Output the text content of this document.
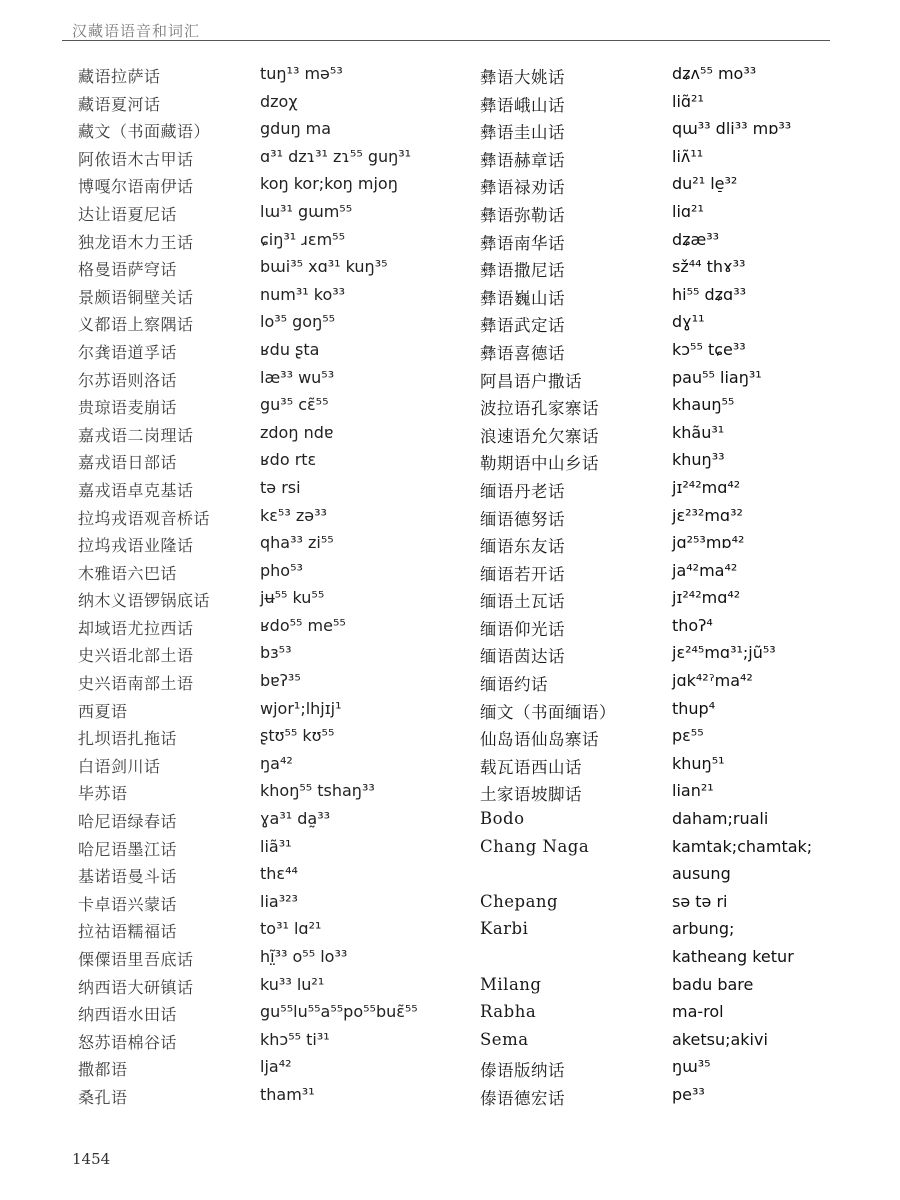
汉藏语语音和词汇
藏语拉萨话	tuŋ¹³ mə⁵³
藏语夏河话	dzoχ
藏文（书面藏语）	gduŋ ma
阿侬语木古甲话	ɑ³¹ dzɿ³¹ zɿ⁵⁵ guŋ³¹
博嘎尔语南伊话	koŋ kor;koŋ mjoŋ
达让语夏尼话	lɯ³¹ gɯm⁵⁵
独龙语木力王话	ɕiŋ³¹ ɹɛm⁵⁵
格曼语萨穹话	bɯi³⁵ xɑ³¹ kuŋ³⁵
景颇语铜壁关话	num³¹ ko³³
义都语上察隅话	lo³⁵ goŋ⁵⁵
尔龚语道孚话	ʁdu ʂta
尔苏语则洛话	læ³³ wu⁵³
贵琼语麦崩话	gu³⁵ cɛ̃⁵⁵
嘉戎语二岗理话	zdoŋ ndɐ
嘉戎语日部话	ʁdo rtɛ
嘉戎语卓克基话	tə rsi
拉坞戎语观音桥话	kɛ⁵³ zə³³
拉坞戎语业隆话	qha³³ zi⁵⁵
木雅语六巴话	pho⁵³
纳木义语锣锅底话	jʉ⁵⁵ ku⁵⁵
却域语尤拉西话	ʁdo⁵⁵ me⁵⁵
史兴语北部土语	bɜ⁵³
史兴语南部土语	bɐʔ³⁵
西夏语	wjor¹;lhjɪj¹
扎坝语扎拖话	ʂtʊ⁵⁵ kʊ⁵⁵
白语剑川话	ŋa⁴²
毕苏语	khoŋ⁵⁵ tshaŋ³³
哈尼语绿春话	ɣa³¹ da̰³³
哈尼语墨江话	liã³¹
基诺语曼斗话	thɛ⁴⁴
卡卓语兴蒙话	lia³²³
拉祜语糯福话	to³¹ lɑ²¹
傈僳语里吾底话	hĩ̤³³ o⁵⁵ lo³³
纳西语大研镇话	ku³³ lu²¹
纳西语水田话	gu⁵⁵lu⁵⁵a⁵⁵po⁵⁵buɛ̃⁵⁵
怒苏语棉谷话	khɔ⁵⁵ ti³¹
撒都语	lja⁴²
桑孔语	tham³¹
彝语大姚话	dʑʌ⁵⁵ mo³³
彝语峨山话	liɑ̃²¹
彝语圭山话	qɯ³³ dli³³ mɒ³³
彝语赫章话	liʌ̃¹¹
彝语禄劝话	du²¹ le̠³²
彝语弥勒话	liɑ²¹
彝语南华话	dʑæ³³
彝语撒尼话	sž⁴⁴ thɤ³³
彝语巍山话	hi⁵⁵ dʑɑ³³
彝语武定话	dɣ¹¹
彝语喜德话	kɔ⁵⁵ tɕe³³
阿昌语户撒话	pau⁵⁵ liaŋ³¹
波拉语孔家寨话	khauŋ⁵⁵
浪速语允欠寨话	khãu³¹
勒期语中山乡话	khuŋ³³
缅语丹老话	jɪ²⁴²mɑ⁴²
缅语德努话	jɛ²³²mɑ³²
缅语东友话	jɑ²⁵³mɒ⁴²
缅语若开话	ja⁴²ma⁴²
缅语土瓦话	jɪ²⁴²mɑ⁴²
缅语仰光话	thoʔ⁴
缅语茵达话	jɛ²⁴⁵mɑ³¹;jũ⁵³
缅语约话	jɑk⁴²ˀma⁴²
缅文（书面缅语）	thup⁴
仙岛语仙岛寨话	pɛ⁵⁵
载瓦语西山话	khuŋ⁵¹
土家语坡脚话	lian²¹
Bodo	daham;ruali
Chang Naga	kamtak;chamtak;
ausung
Chepang	sə tə ri
Karbi	arbung;
katheang ketur
Milang	badu bare
Rabha	ma-rol
Sema	aketsu;akivi
傣语版纳话	ŋɯ³⁵
傣语德宏话	pe³³
1454
